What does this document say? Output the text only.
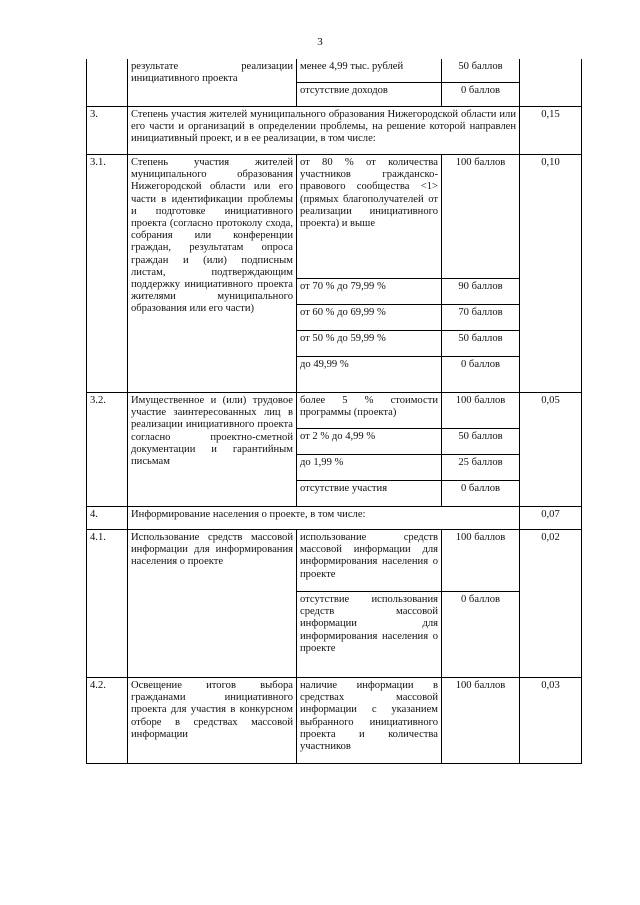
3
	результате реализации инициативного проекта	менее 4,99 тыс. рублей	50 баллов	
		отсутствие доходов	0 баллов	
3.	Степень участия жителей муниципального образования Нижегородской области или его части и организаций в определении проблемы, на решение которой направлен инициативный проект, и в ее реализации, в том числе:			0,15
3.1.	Степень участия жителей муниципального образования Нижегородской области или его части в идентификации проблемы и подготовке инициативного проекта (согласно протоколу схода, собрания или конференции граждан, результатам опроса граждан и (или) подписным листам, подтверждающим поддержку инициативного проекта жителями муниципального образования или его части)	от 80 % от количества участников гражданско-правового сообщества <1> (прямых благополучателей от реализации инициативного проекта) и выше	100 баллов	0,10
		от 70 % до 79,99 %	90 баллов	
		от 60 % до 69,99 %	70 баллов	
		от 50 % до 59,99 %	50 баллов	
		до 49,99 %	0 баллов	
3.2.	Имущественное и (или) трудовое участие заинтересованных лиц в реализации инициативного проекта согласно проектно-сметной документации и гарантийным письмам	более 5 % стоимости программы (проекта)	100 баллов	0,05
		от 2 % до 4,99 %	50 баллов	
		до 1,99 %	25 баллов	
		отсутствие участия	0 баллов	
4.	Информирование населения о проекте, в том числе:			0,07
4.1.	Использование средств массовой информации для информирования населения о проекте	использование средств массовой информации для информирования населения о проекте	100 баллов	0,02
		отсутствие использования средств массовой информации для информирования населения о проекте	0 баллов	
4.2.	Освещение итогов выбора гражданами инициативного проекта для участия в конкурсном отборе в средствах массовой информации	наличие информации в средствах массовой информации с указанием выбранного инициативного проекта и количества участников	100 баллов	0,03
